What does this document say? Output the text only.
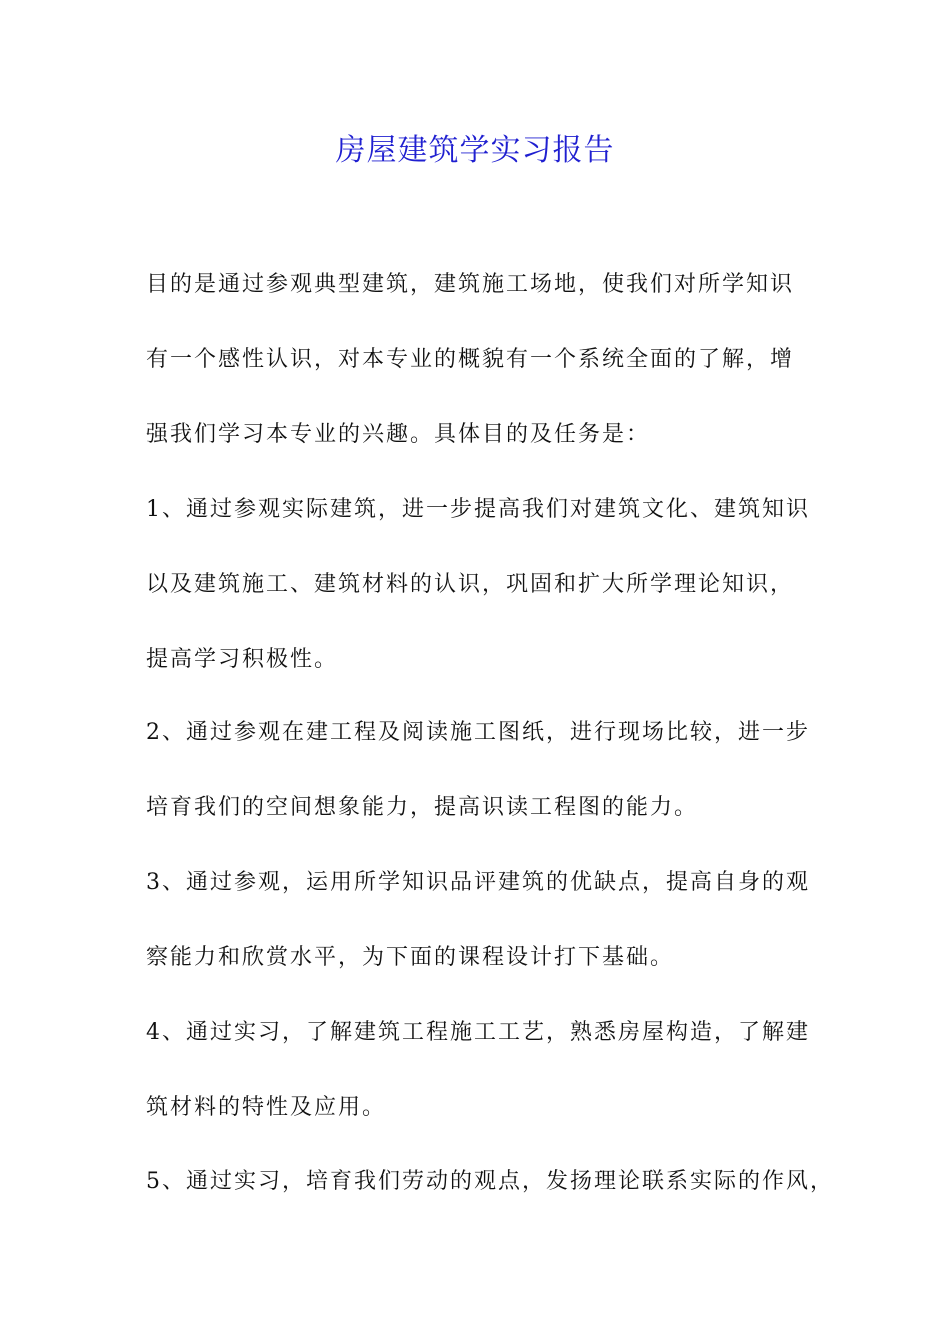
房屋建筑学实习报告
目的是通过参观典型建筑，建筑施工场地，使我们对所学知识
有一个感性认识，对本专业的概貌有一个系统全面的了解，增
强我们学习本专业的兴趣。具体目的及任务是：
1、通过参观实际建筑，进一步提高我们对建筑文化、建筑知识
以及建筑施工、建筑材料的认识，巩固和扩大所学理论知识，
提高学习积极性。
2、通过参观在建工程及阅读施工图纸，进行现场比较，进一步
培育我们的空间想象能力，提高识读工程图的能力。
3、通过参观，运用所学知识品评建筑的优缺点，提高自身的观
察能力和欣赏水平，为下面的课程设计打下基础。
4、通过实习，了解建筑工程施工工艺，熟悉房屋构造，了解建
筑材料的特性及应用。
5、通过实习，培育我们劳动的观点，发扬理论联系实际的作风，
